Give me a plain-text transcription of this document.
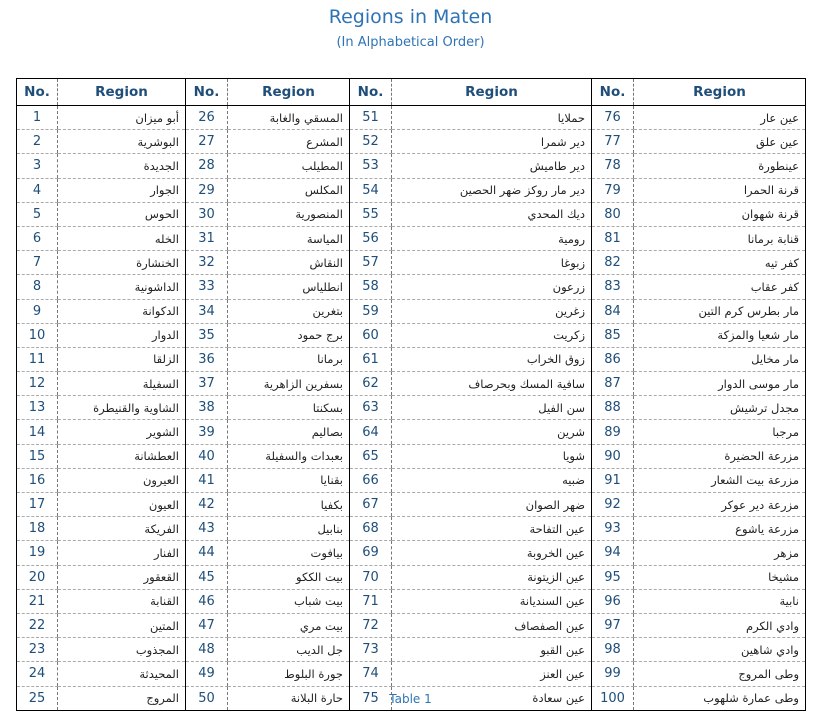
Regions in Maten
(In Alphabetical Order)
No.	Region	No.	Region	No.	Region	No.	Region
1	أبو ميزان	26	المسقي والغابة	51	حملايا	76	عين عار
2	البوشرية	27	المشرع	52	دير شمرا	77	عين علق
3	الجديدة	28	المطيلب	53	دير طاميش	78	عينطورة
4	الجوار	29	المكلس	54	دير مار روكز ضهر الحصين	79	قرنة الحمرا
5	الحوس	30	المنصورية	55	ديك المحدي	80	قرنة شهوان
6	الخله	31	المياسة	56	رومية	81	قنابة برمانا
7	الخنشارة	32	النقاش	57	زبوغا	82	كفر تيه
8	الداشونية	33	انطلياس	58	زرعون	83	كفر عقاب
9	الدكوانة	34	بتغرين	59	زغرين	84	مار بطرس كرم التين
10	الدوار	35	برج حمود	60	زكريت	85	مار شعيا والمزكة
11	الزلقا	36	برمانا	61	زوق الخراب	86	مار مخايل
12	السفيلة	37	بسفرين الزاهرية	62	سافية المسك وبحرصاف	87	مار موسى الدوار
13	الشاوية والقنيطرة	38	بسكنتا	63	سن الفيل	88	مجدل ترشيش
14	الشوير	39	بصاليم	64	شرين	89	مرجبا
15	العطشانة	40	بعبدات والسفيلة	65	شويا	90	مزرعة الحضيرة
16	العيرون	41	بقنايا	66	ضبيه	91	مزرعة بيت الشعار
17	العيون	42	بكفيا	67	ضهر الصوان	92	مزرعة دير عوكر
18	الفريكة	43	بنابيل	68	عين التفاحة	93	مزرعة ياشوع
19	الفنار	44	بيافوت	69	عين الخروبة	94	مزهر
20	القعقور	45	بيت الككو	70	عين الزيتونة	95	مشيخا
21	القنابة	46	بيت شباب	71	عين السنديانة	96	نابية
22	المتين	47	بيت مري	72	عين الصفصاف	97	وادي الكرم
23	المجذوب	48	جل الديب	73	عين القبو	98	وادي شاهين
24	المحيدثة	49	جورة البلوط	74	عين العنز	99	وطى المروج
25	المروج	50	حارة البلانة	75	عين سعادة	100	وطى عمارة شلهوب
Table 1
